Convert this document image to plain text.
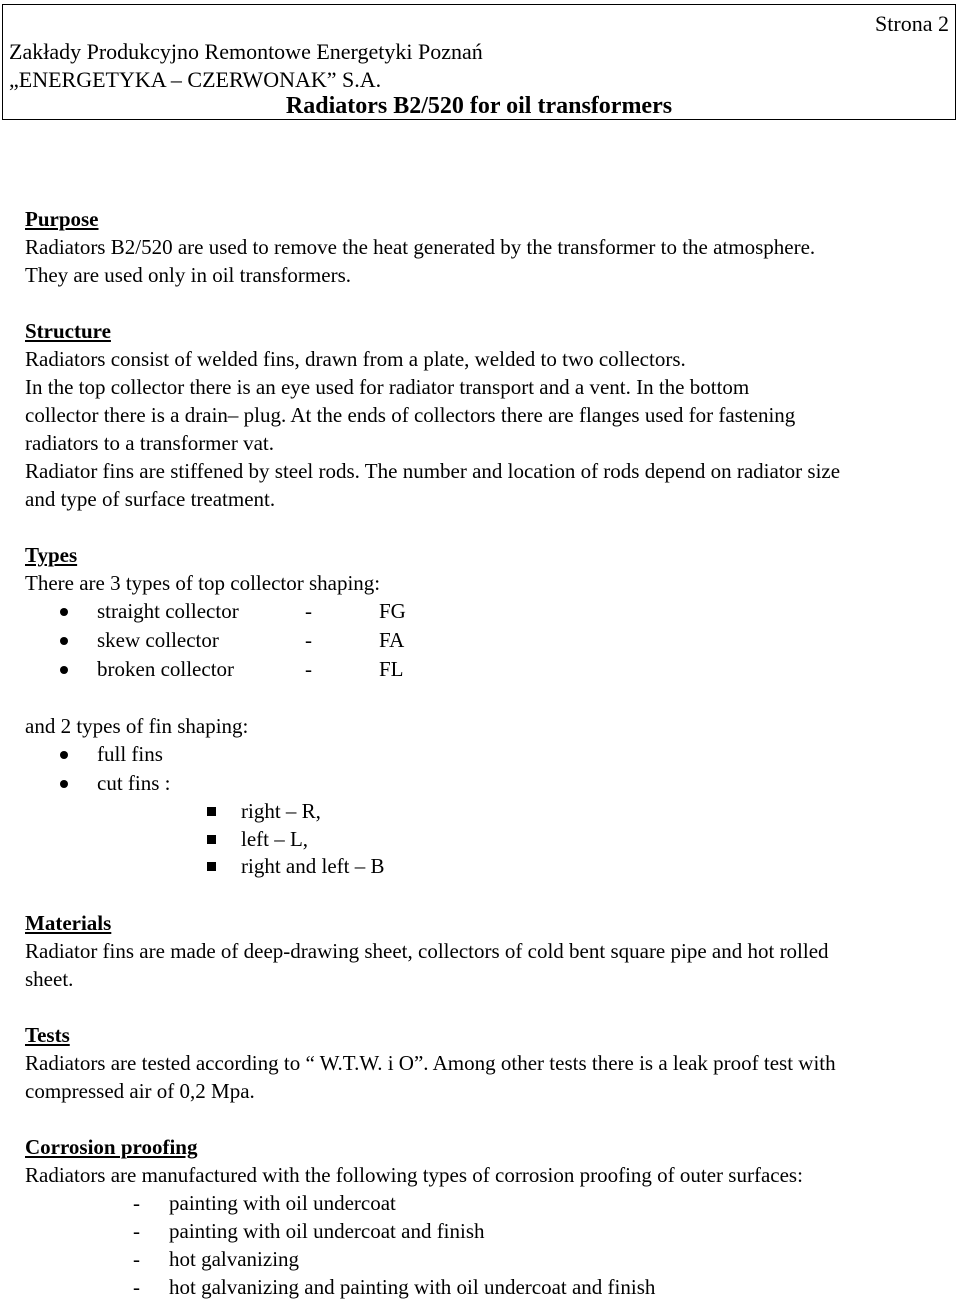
Strona 2
Zakłady Produkcyjno Remontowe Energetyki Poznań
„ENERGETYKA – CZERWONAK” S.A.
Radiators B2/520 for oil transformers

Purpose

Radiators B2/520 are used to remove the heat generated by the transformer to the atmosphere.

They are used only in oil transformers.

Structure

Radiators consist of welded fins, drawn from a plate, welded to two collectors.

In the top collector there is an eye used for radiator transport and a vent. In the bottom

collector there is a drain– plug. At the ends of collectors there are flanges used for fastening

radiators to a transformer vat.

Radiator fins are stiffened by steel rods. The number and location of rods depend on radiator size

and type of surface treatment.

Types

There are 3 types of top collector shaping:

straight collector	-	FG
skew collector	-	FA
broken collector	-	FL

and 2 types of fin shaping:

full fins
cut fins :
right – R,
left – L,
right and left – B

Materials

Radiator fins are made of deep-drawing sheet, collectors of cold bent square pipe and hot rolled

sheet.

Tests

Radiators are tested according to “ W.T.W. i O”. Among other tests there is a leak proof test with

compressed air of 0,2 Mpa.

Corrosion proofing

Radiators are manufactured with the following types of corrosion proofing of outer surfaces:

- painting with oil undercoat
- painting with oil undercoat and finish
- hot galvanizing
- hot galvanizing and painting with oil undercoat and finish
